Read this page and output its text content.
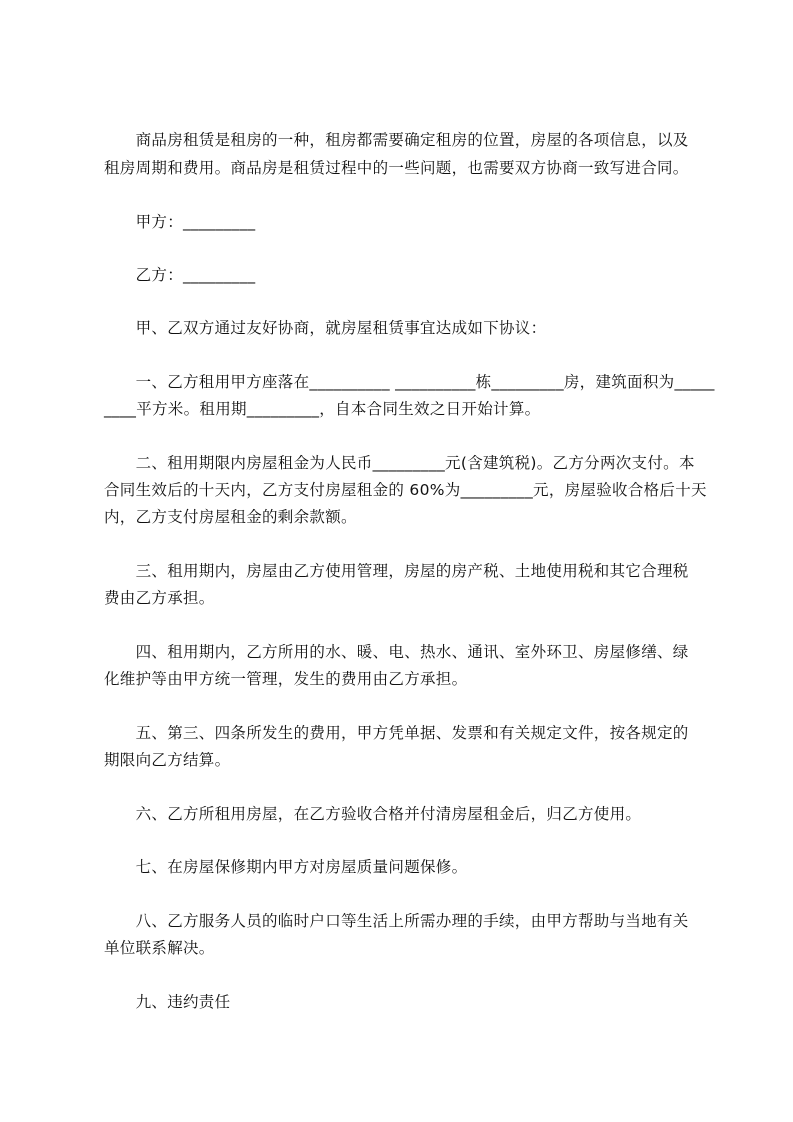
　　商品房租赁是租房的一种，租房都需要确定租房的位置，房屋的各项信息，以及
租房周期和费用。商品房是租赁过程中的一些问题，也需要双方协商一致写进合同。
　　甲方：_________
　　乙方：_________
　　甲、乙双方通过友好协商，就房屋租赁事宜达成如下协议：
　　一、乙方租用甲方座落在__________ __________栋_________房，建筑面积为_____
____平方米。租用期_________，自本合同生效之日开始计算。
　　二、租用期限内房屋租金为人民币_________元(含建筑税)。乙方分两次支付。本
合同生效后的十天内，乙方支付房屋租金的 60%为_________元，房屋验收合格后十天
内，乙方支付房屋租金的剩余款额。
　　三、租用期内，房屋由乙方使用管理，房屋的房产税、土地使用税和其它合理税
费由乙方承担。
　　四、租用期内，乙方所用的水、暖、电、热水、通讯、室外环卫、房屋修缮、绿
化维护等由甲方统一管理，发生的费用由乙方承担。
　　五、第三、四条所发生的费用，甲方凭单据、发票和有关规定文件，按各规定的
期限向乙方结算。
　　六、乙方所租用房屋，在乙方验收合格并付清房屋租金后，归乙方使用。
　　七、在房屋保修期内甲方对房屋质量问题保修。
　　八、乙方服务人员的临时户口等生活上所需办理的手续，由甲方帮助与当地有关
单位联系解决。
　　九、违约责任
